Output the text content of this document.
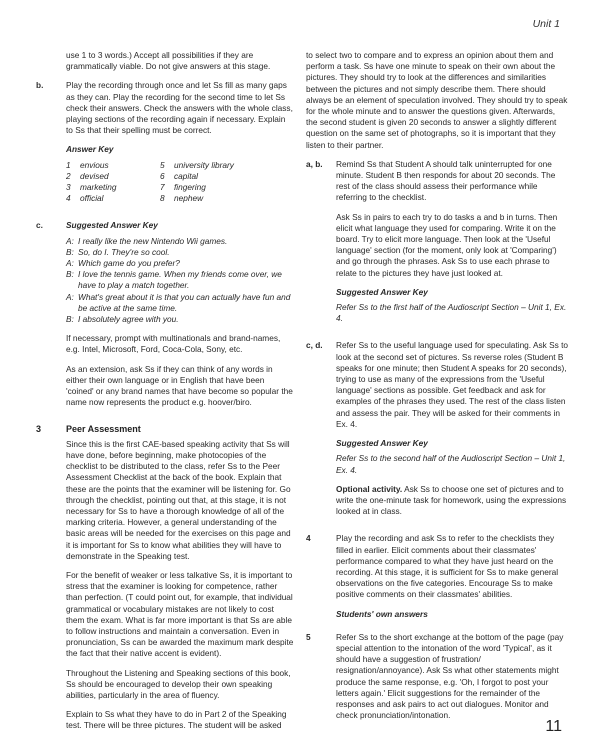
Unit 1

use 1 to 3 words.) Accept all possibilities if they are grammatically viable. Do not give answers at this stage.

b.	Play the recording through once and let Ss fill as many gaps as they can. Play the recording for the second time to let Ss check their answers. Check the answers with the whole class, playing sections of the recording again if necessary. Explain to Ss that their spelling must be correct.

Answer Key
1	envious	5	university library
2	devised	6	capital
3	marketing	7	fingering
4	official	8	nephew
c.	Suggested Answer Key
A: I really like the new Nintendo Wii games.
B: So, do I. They're so cool.
A: Which game do you prefer?
B: I love the tennis game. When my friends come over, we have to play a match together.
A: What's great about it is that you can actually have fun and be active at the same time.
B: I absolutely agree with you.

If necessary, prompt with multinationals and brand-names, e.g. Intel, Microsoft, Ford, Coca-Cola, Sony, etc.

As an extension, ask Ss if they can think of any words in either their own language or in English that have been 'coined' or any brand names that have become so popular the name now represents the product e.g. hoover/biro.

3	Peer Assessment

Since this is the first CAE-based speaking activity that Ss will have done, before beginning, make photocopies of the checklist to be distributed to the class, refer Ss to the Peer Assessment Checklist at the back of the book. Explain that these are the points that the examiner will be listening for. Go through the checklist, pointing out that, at this stage, it is not necessary for Ss to have a thorough knowledge of all of the marking criteria. However, a general understanding of the basic areas will be needed for the exercises on this page and it is important for Ss to know what abilities they will have to demonstrate in the Speaking test.

For the benefit of weaker or less talkative Ss, it is important to stress that the examiner is looking for competence, rather than perfection. (T could point out, for example, that individual grammatical or vocabulary mistakes are not likely to cost them the exam. What is far more important is that Ss are able to follow instructions and maintain a conversation. Even in pronunciation, Ss can be awarded the maximum mark despite the fact that their native accent is evident).

Throughout the Listening and Speaking sections of this book, Ss should be encouraged to develop their own speaking abilities, particularly in the area of fluency.

Explain to Ss what they have to do in Part 2 of the Speaking test. There will be three pictures. The student will be asked

to select two to compare and to express an opinion about them and perform a task. Ss have one minute to speak on their own about the pictures. They should try to look at the differences and similarities between the pictures and not simply describe them. There should always be an element of speculation involved. They should try to speak for the whole minute and to answer the questions given. Afterwards, the second student is given 20 seconds to answer a slightly different question on the same set of photographs, so it is important that they listen to their partner.

a, b.	Remind Ss that Student A should talk uninterrupted for one minute. Student B then responds for about 20 seconds. The rest of the class should assess their performance while referring to the checklist.

Ask Ss in pairs to each try to do tasks a and b in turns. Then elicit what language they used for comparing. Write it on the board. Try to elicit more language. Then look at the 'Useful language' section (for the moment, only look at 'Comparing') and go through the phrases. Ask Ss to use each phrase to relate to the pictures they have just looked at.

Suggested Answer Key

Refer Ss to the first half of the Audioscript Section – Unit 1, Ex. 4.

c, d.	Refer Ss to the useful language used for speculating. Ask Ss to look at the second set of pictures. Ss reverse roles (Student B speaks for one minute; then Student A speaks for 20 seconds), trying to use as many of the expressions from the 'Useful language' sections as possible. Get feedback and ask for examples of the phrases they used. The rest of the class listen and assess the pair. They will be asked for their comments in Ex. 4.

Suggested Answer Key

Refer Ss to the second half of the Audioscript Section – Unit 1, Ex. 4.

Optional activity. Ask Ss to choose one set of pictures and to write the one-minute task for homework, using the expressions looked at in class.

4	Play the recording and ask Ss to refer to the checklists they filled in earlier. Elicit comments about their classmates' performance compared to what they have just heard on the recording. At this stage, it is sufficient for Ss to make general observations on the five categories. Encourage Ss to make positive comments on their classmates' abilities.

Students' own answers
5	Refer Ss to the short exchange at the bottom of the page (pay special attention to the intonation of the word 'Typical', as it should have a suggestion of frustration/ resignation/annoyance). Ask Ss what other statements might produce the same response, e.g. 'Oh, I forgot to post your letters again.' Elicit suggestions for the remainder of the responses and ask pairs to act out dialogues. Monitor and check pronunciation/intonation.

11
